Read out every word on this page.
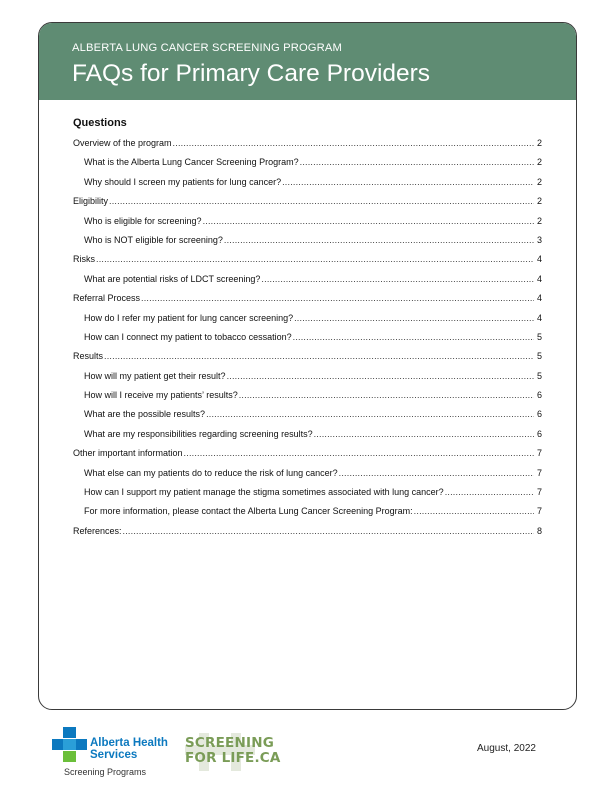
ALBERTA LUNG CANCER SCREENING PROGRAM
FAQs for Primary Care Providers
Questions
Overview of the program .....	2
What is the Alberta Lung Cancer Screening Program? .....	2
Why should I screen my patients for lung cancer? .....	2
Eligibility .....	2
Who is eligible for screening? .....	2
Who is NOT eligible for screening? .....	3
Risks .....	4
What are potential risks of LDCT screening? .....	4
Referral Process .....	4
How do I refer my patient for lung cancer screening? .....	4
How can I connect my patient to tobacco cessation? .....	5
Results .....	5
How will my patient get their result? .....	5
How will I receive my patients’ results? .....	6
What are the possible results? .....	6
What are my responsibilities regarding screening results? .....	6
Other important information .....	7
What else can my patients do to reduce the risk of lung cancer? .....	7
How can I support my patient manage the stigma sometimes associated with lung cancer? .....	7
For more information, please contact the Alberta Lung Cancer Screening Program: .....	7
References: .....	8
Alberta Health
Services
Screening Programs
SCREENING
FOR LIFE.CA
August, 2022
